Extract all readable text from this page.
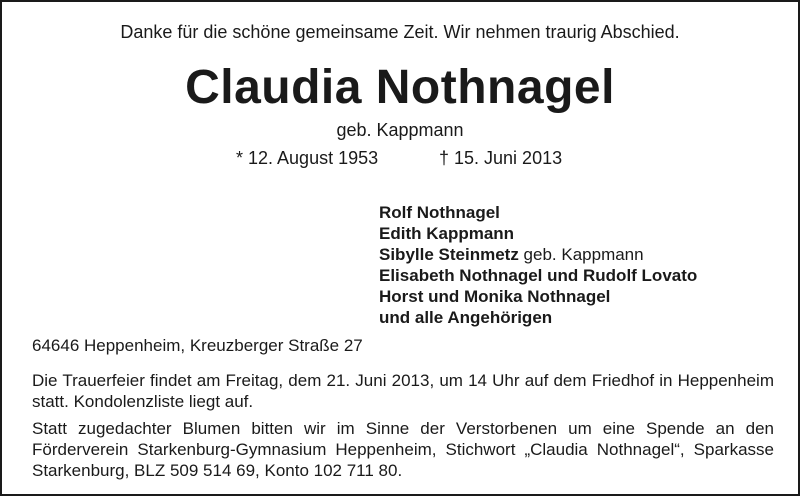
Danke für die schöne gemeinsame Zeit. Wir nehmen traurig Abschied.
Claudia Nothnagel
geb. Kappmann
* 12. August 1953	† 15. Juni 2013
Rolf Nothnagel
Edith Kappmann
Sibylle Steinmetz geb. Kappmann
Elisabeth Nothnagel und Rudolf Lovato
Horst und Monika Nothnagel
und alle Angehörigen
64646 Heppenheim, Kreuzberger Straße 27
Die Trauerfeier findet am Freitag, dem 21. Juni 2013, um 14 Uhr auf dem Friedhof in Heppenheim statt. Kondolenzliste liegt auf.
Statt zugedachter Blumen bitten wir im Sinne der Verstorbenen um eine Spende an den Förderverein Starkenburg-Gymnasium Heppenheim, Stichwort „Claudia Nothnagel“, Sparkasse Starkenburg, BLZ 509 514 69, Konto 102 711 80.
